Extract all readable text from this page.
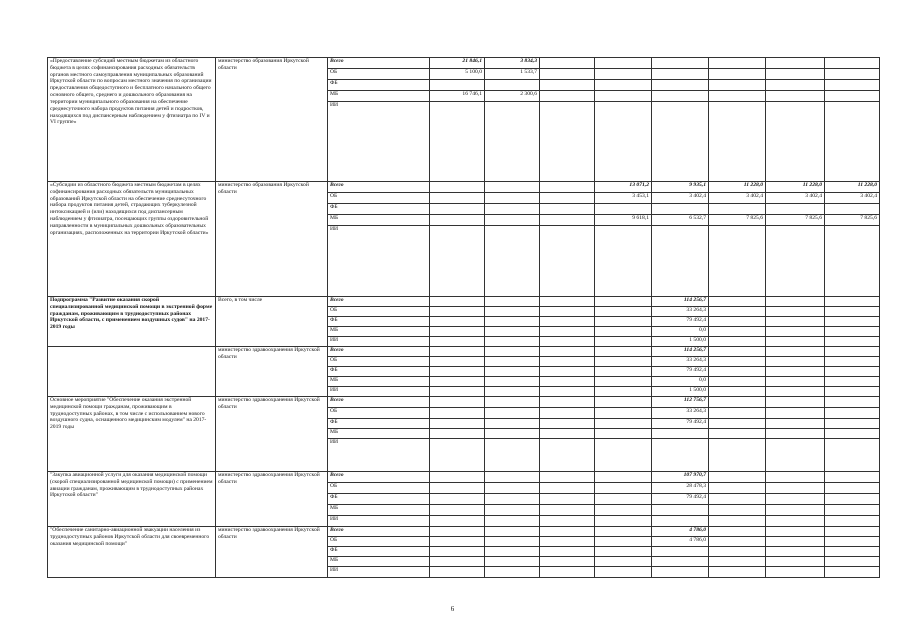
«Предоставление субсидий местным бюджетам из областного бюджета в целях софинансирования расходных обязательств органов местного самоуправления муниципальных образований Иркутской области по вопросам местного значения по организации предоставления общедоступного и бесплатного начального общего основного общего, среднего и дошкольного образования на территории муниципального образования на обеспечение среднесуточного набора продуктов питания детей и подростков, находящихся под диспансерным наблюдением у фтизиатра по IV и VI группе»	министерство образования Иркутской области	Всего	21 846,1	3 834,3						
		ОБ	5 100,0	1 533,7						
		ФБ								
		МБ	16 746,1	2 300,6						
		ИИ								
«Субсидии из областного бюджета местным бюджетам в целях софинансирования расходных обязательств муниципальных образований Иркутской области на обеспечение среднесуточного набора продуктов питания детей, страдающих туберкулезной интоксикацией и (или) находящихся под диспансерным наблюдением у фтизиатра, посещающих группы оздоровительной направленности в муниципальных дошкольных образовательных организациях, расположенных на территории Иркутской области»	министерство образования Иркутской области	Всего				13 071,2	9 935,1	11 228,0	11 228,0	11 228,0
		ОБ				3 453,1	3 402,4	3 402,4	3 402,4	3 402,4
		ФБ								
		МБ				9 618,1	6 532,7	7 825,6	7 825,6	7 825,6
		ИИ								
Подпрограмма "Развитие оказания скорой специализированной медицинской помощи в экстренной форме гражданам, проживающим в труднодоступных районах Иркутской области, с применением воздушных судов" на 2017-2019 годы	Всего, в том числе	Всего					114 256,7			
		ОБ					33 264,3			
		ФБ					79 492,4			
		МБ					0,0			
		ИИ					1 500,0			
	министерство здравоохранения Иркутской области	Всего					114 256,7			
		ОБ					33 264,3			
		ФБ					79 492,4			
		МБ					0,0			
		ИИ					1 500,0			
Основное мероприятие "Обеспечение оказания экстренной медицинской помощи гражданам, проживающим в труднодоступных районах, в том числе с использованием нового воздушного судна, оснащенного медицинским модулем" на 2017-2019 годы	министерство здравоохранения Иркутской области	Всего					112 756,7			
		ОБ					33 264,3			
		ФБ					79 492,4			
		МБ								
		ИИ								
"Закупка авиационной услуги для оказания медицинской помощи (скорой специализированной медицинской помощи) с применением авиации гражданам, проживающим в труднодоступных районах Иркутской области"	министерство здравоохранения Иркутской области	Всего					107 970,7			
		ОБ					28 478,3			
		ФБ					79 492,4			
		МБ								
		ИИ								
"Обеспечение санитарно-авиационной эвакуации населения из труднодоступных районов Иркутской области для своевременного оказания медицинской помощи"	министерство здравоохранения Иркутской области	Всего					4 786,0			
		ОБ					4 786,0			
		ФБ								
		МБ								
		ИИ								
6
